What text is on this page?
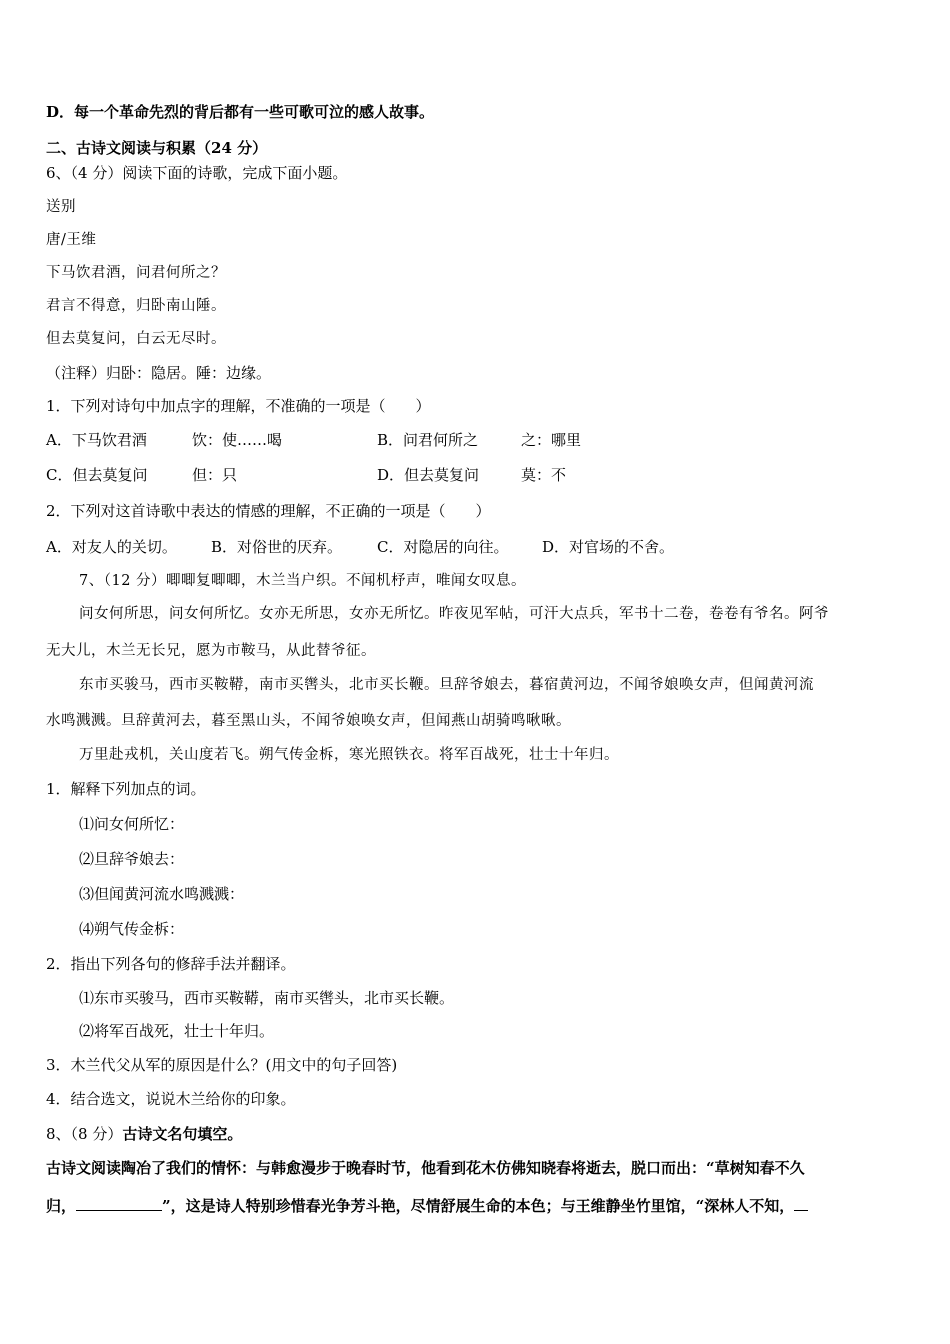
D．每一个革命先烈的背后都有一些可歌可泣的感人故事。
二、古诗文阅读与积累（24 分）
6、（4 分）阅读下面的诗歌，完成下面小题。
送别
唐/王维
下马饮君酒，问君何所之？
君言不得意，归卧南山陲。
但去莫复问，白云无尽时。
（注释）归卧：隐居。陲：边缘。
1．下列对诗句中加点字的理解，不准确的一项是（　　）
A．下马饮君酒	饮：使……喝	B．问君何所之	之：哪里
C．但去莫复问	但：只	D．但去莫复问	莫：不
2．下列对这首诗歌中表达的情感的理解，不正确的一项是（　　）
A．对友人的关切。 B．对俗世的厌弃。 C．对隐居的向往。 D．对官场的不舍。
7、（12 分）唧唧复唧唧，木兰当户织。不闻机杼声，唯闻女叹息。
问女何所思，问女何所忆。女亦无所思，女亦无所忆。昨夜见军帖，可汗大点兵，军书十二卷，卷卷有爷名。阿爷
无大儿，木兰无长兄，愿为市鞍马，从此替爷征。
东市买骏马，西市买鞍鞯，南市买辔头，北市买长鞭。旦辞爷娘去，暮宿黄河边，不闻爷娘唤女声，但闻黄河流
水鸣溅溅。旦辞黄河去，暮至黑山头，不闻爷娘唤女声，但闻燕山胡骑鸣啾啾。
万里赴戎机，关山度若飞。朔气传金柝，寒光照铁衣。将军百战死，壮士十年归。
1．解释下列加点的词。
⑴问女何所忆：
⑵旦辞爷娘去：
⑶但闻黄河流水鸣溅溅：
⑷朔气传金柝：
2．指出下列各句的修辞手法并翻译。
⑴东市买骏马，西市买鞍鞯，南市买辔头，北市买长鞭。
⑵将军百战死，壮士十年归。
3．木兰代父从军的原因是什么？(用文中的句子回答)
4．结合选文，说说木兰给你的印象。
8、（8 分）古诗文名句填空。
古诗文阅读陶冶了我们的情怀：与韩愈漫步于晚春时节，他看到花木仿佛知晓春将逝去，脱口而出：“草树知春不久
归，	”，这是诗人特别珍惜春光争芳斗艳，尽情舒展生命的本色；与王维静坐竹里馆，“深林人不知，
